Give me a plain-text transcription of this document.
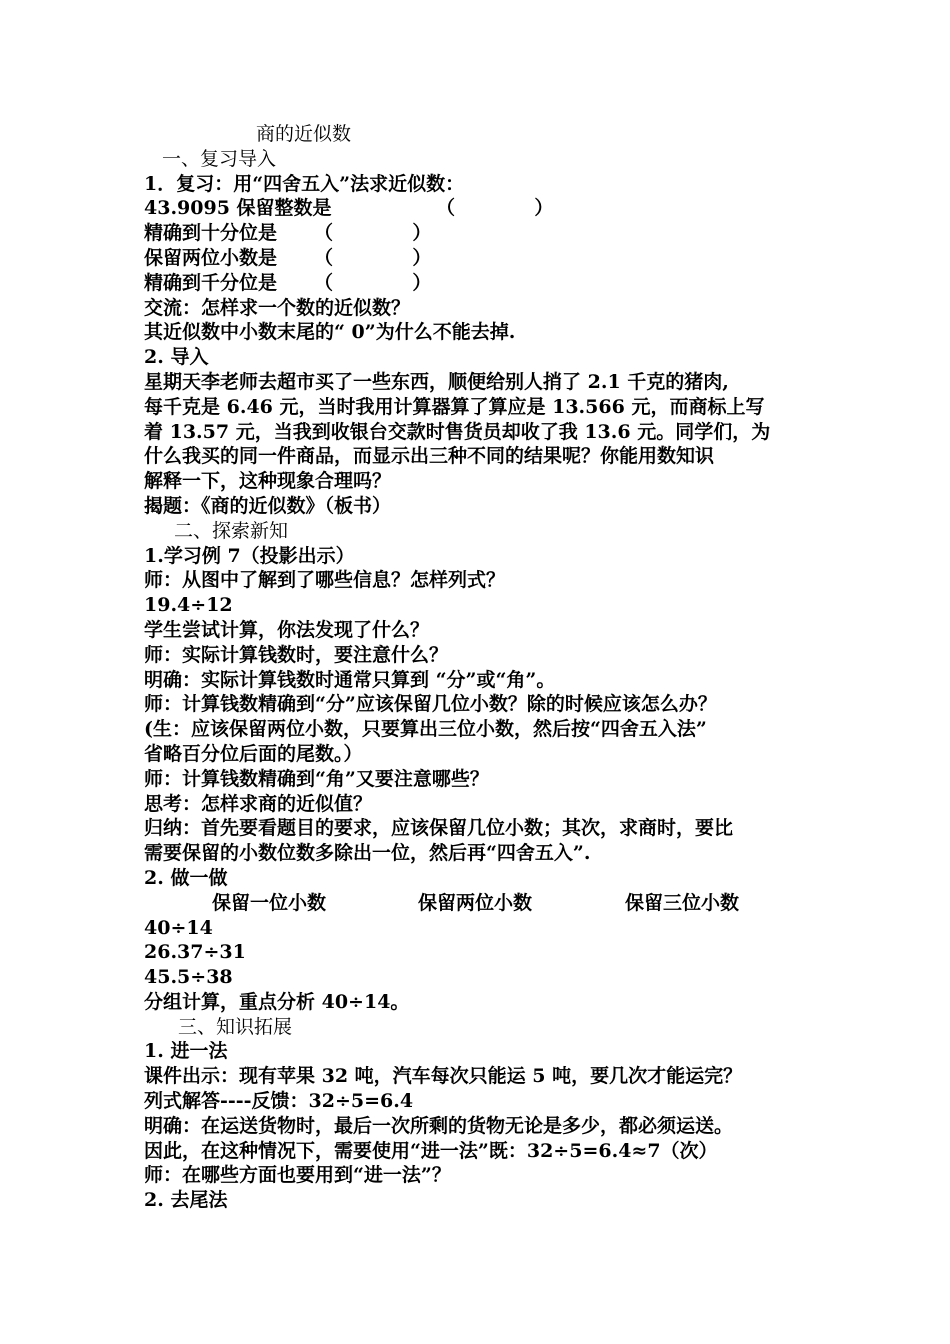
商的近似数
一、复习导入
1．复习：用“四舍五入”法求近似数：
43.9095 保留整数是	（            ）
精确到十分位是	（            ）
保留两位小数是	（            ）
精确到千分位是	（            ）
交流：怎样求一个数的近似数？
其近似数中小数末尾的“ 0”为什么不能去掉.
2. 导入
星期天李老师去超市买了一些东西，顺便给别人捎了 2.1 千克的猪肉,
每千克是 6.46 元，当时我用计算器算了算应是 13.566 元，而商标上写
着 13.57 元，当我到收银台交款时售货员却收了我 13.6 元。同学们，为
什么我买的同一件商品，而显示出三种不同的结果呢？你能用数知识
解释一下，这种现象合理吗？
揭题：《商的近似数》（板书）
二、探索新知
1.学习例 7（投影出示）
师：从图中了解到了哪些信息？怎样列式？
19.4÷12
学生尝试计算，你法发现了什么？
师：实际计算钱数时，要注意什么？
明确：实际计算钱数时通常只算到 “分”或“角”。
师：计算钱数精确到“分”应该保留几位小数？除的时候应该怎么办？
(生：应该保留两位小数，只要算出三位小数，然后按“四舍五入法”
省略百分位后面的尾数。）
师：计算钱数精确到“角”又要注意哪些？
思考：怎样求商的近似值？
归纳：首先要看题目的要求，应该保留几位小数；其次，求商时，要比
需要保留的小数位数多除出一位，然后再“四舍五入”.
2. 做一做
保留一位小数	保留两位小数	保留三位小数
40÷14
26.37÷31
45.5÷38
分组计算，重点分析 40÷14。
三、知识拓展
1. 进一法
课件出示：现有苹果 32 吨，汽车每次只能运 5 吨，要几次才能运完？
列式解答----反馈：32÷5=6.4
明确：在运送货物时，最后一次所剩的货物无论是多少，都必须运送。
因此，在这种情况下，需要使用“进一法”既：32÷5=6.4≈7（次）
师：在哪些方面也要用到“进一法”？
2. 去尾法
